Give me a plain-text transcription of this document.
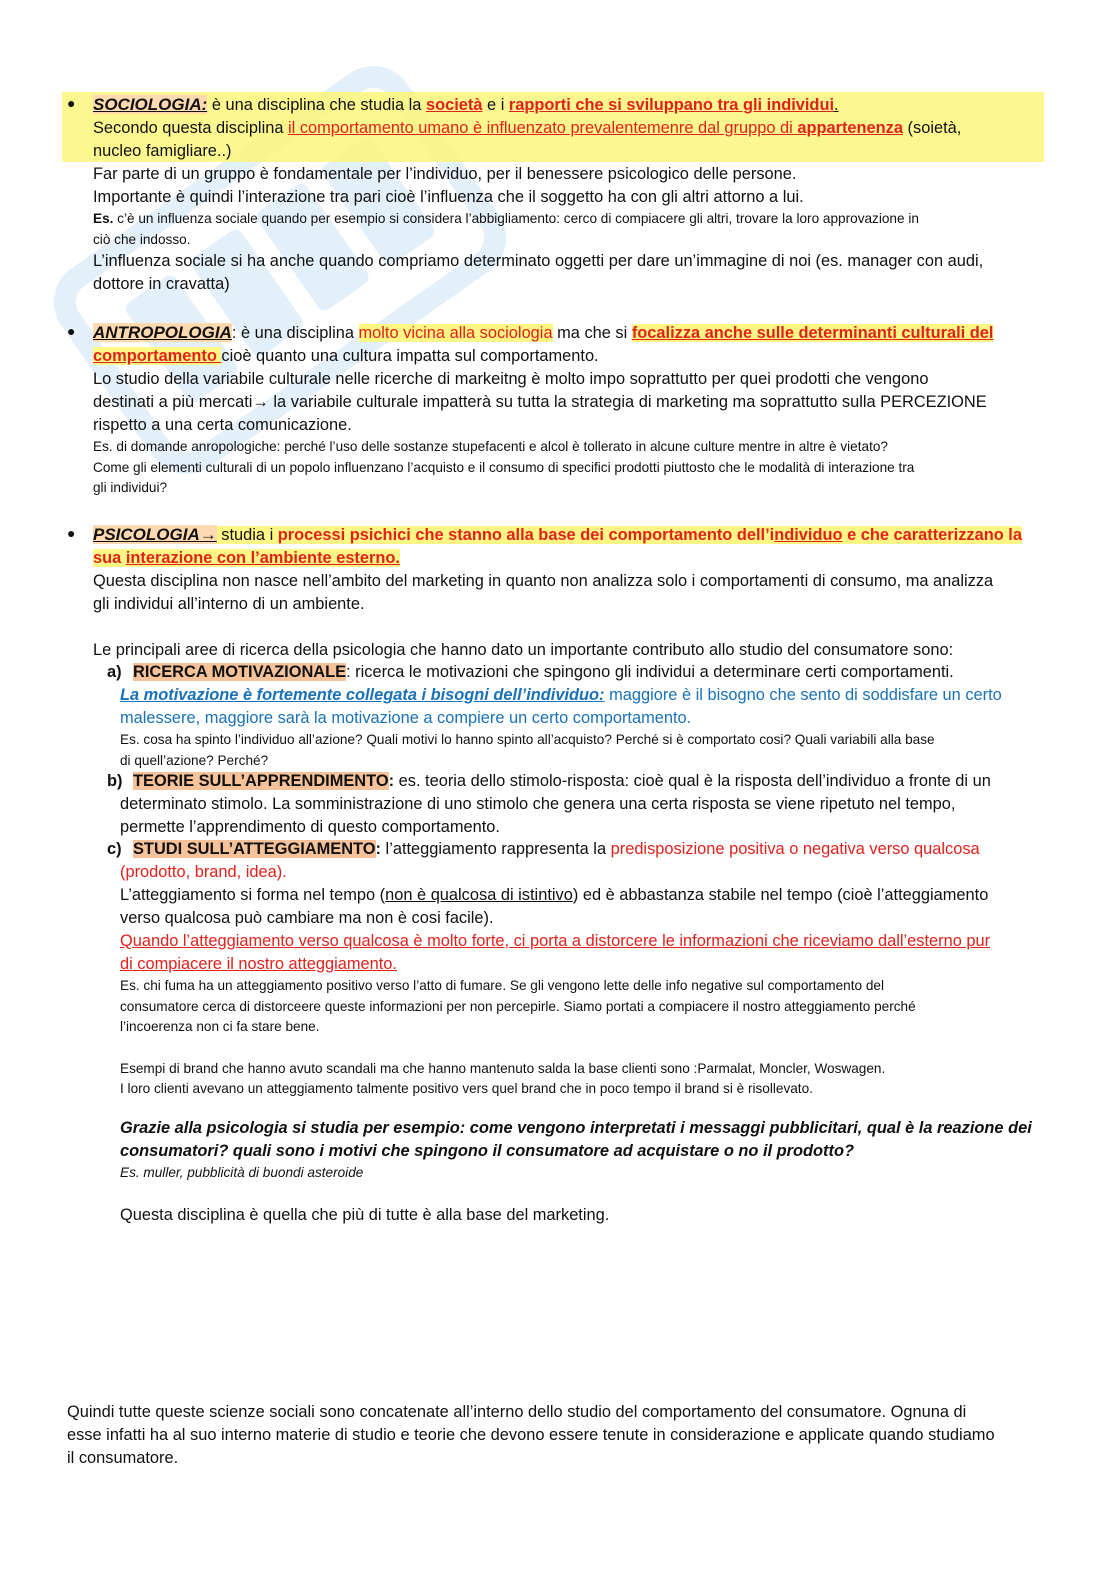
● SOCIOLOGIA: è una disciplina che studia la società e i rapporti che si sviluppano tra gli individui.
Secondo questa disciplina il comportamento umano è influenzato prevalentemenre dal gruppo di appartenenza (soietà,
nucleo famigliare..)
Far parte di un gruppo è fondamentale per l’individuo, per il benessere psicologico delle persone.
Importante è quindi l’interazione tra pari cioè l’influenza che il soggetto ha con gli altri attorno a lui.
Es. c’è un influenza sociale quando per esempio si considera l’abbigliamento: cerco di compiacere gli altri, trovare la loro approvazione in
ciò che indosso.
L’influenza sociale si ha anche quando compriamo determinato oggetti per dare un’immagine di noi (es. manager con audi,
dottore in cravatta)
● ANTROPOLOGIA: è una disciplina molto vicina alla sociologia ma che si focalizza anche sulle determinanti culturali del
comportamento cioè quanto una cultura impatta sul comportamento.
Lo studio della variabile culturale nelle ricerche di markeitng è molto impo soprattutto per quei prodotti che vengono
destinati a più mercati→ la variabile culturale impatterà su tutta la strategia di marketing ma soprattutto sulla PERCEZIONE
rispetto a una certa comunicazione.
Es. di domande anropologiche: perché l’uso delle sostanze stupefacenti e alcol è tollerato in alcune culture mentre in altre è vietato?
Come gli elementi culturali di un popolo influenzano l’acquisto e il consumo di specifici prodotti piuttosto che le modalità di interazione tra
gli individui?
● PSICOLOGIA→ studia i processi psichici che stanno alla base dei comportamento dell’individuo e che caratterizzano la
sua interazione con l’ambiente esterno.
Questa disciplina non nasce nell’ambito del marketing in quanto non analizza solo i comportamenti di consumo, ma analizza
gli individui all’interno di un ambiente.
Le principali aree di ricerca della psicologia che hanno dato un importante contributo allo studio del consumatore sono:
a) RICERCA MOTIVAZIONALE: ricerca le motivazioni che spingono gli individui a determinare certi comportamenti.
La motivazione è fortemente collegata i bisogni dell’individuo: maggiore è il bisogno che sento di soddisfare un certo
malessere, maggiore sarà la motivazione a compiere un certo comportamento.
Es. cosa ha spinto l’individuo all’azione? Quali motivi lo hanno spinto all’acquisto? Perché si è comportato cosi? Quali variabili alla base
di quell’azione? Perché?
b) TEORIE SULL’APPRENDIMENTO: es. teoria dello stimolo-risposta: cioè qual è la risposta dell’individuo a fronte di un
determinato stimolo. La somministrazione di uno stimolo che genera una certa risposta se viene ripetuto nel tempo,
permette l’apprendimento di questo comportamento.
c) STUDI SULL’ATTEGGIAMENTO: l’atteggiamento rappresenta la predisposizione positiva o negativa verso qualcosa
(prodotto, brand, idea).
L’atteggiamento si forma nel tempo (non è qualcosa di istintivo) ed è abbastanza stabile nel tempo (cioè l’atteggiamento
verso qualcosa può cambiare ma non è cosi facile).
Quando l’atteggiamento verso qualcosa è molto forte, ci porta a distorcere le informazioni che riceviamo dall’esterno pur
di compiacere il nostro atteggiamento.
Es. chi fuma ha un atteggiamento positivo verso l’atto di fumare. Se gli vengono lette delle info negative sul comportamento del
consumatore cerca di distorceere queste informazioni per non percepirle. Siamo portati a compiacere il nostro atteggiamento perché
l’incoerenza non ci fa stare bene.
Esempi di brand che hanno avuto scandali ma che hanno mantenuto salda la base clienti sono :Parmalat, Moncler, Woswagen.
I loro clienti avevano un atteggiamento talmente positivo vers quel brand che in poco tempo il brand si è risollevato.
Grazie alla psicologia si studia per esempio: come vengono interpretati i messaggi pubblicitari, qual è la reazione dei
consumatori? quali sono i motivi che spingono il consumatore ad acquistare o no il prodotto?
Es. muller, pubblicità di buondi asteroide
Questa disciplina è quella che più di tutte è alla base del marketing.
Quindi tutte queste scienze sociali sono concatenate all’interno dello studio del comportamento del consumatore. Ognuna di
esse infatti ha al suo interno materie di studio e teorie che devono essere tenute in considerazione e applicate quando studiamo
il consumatore.
